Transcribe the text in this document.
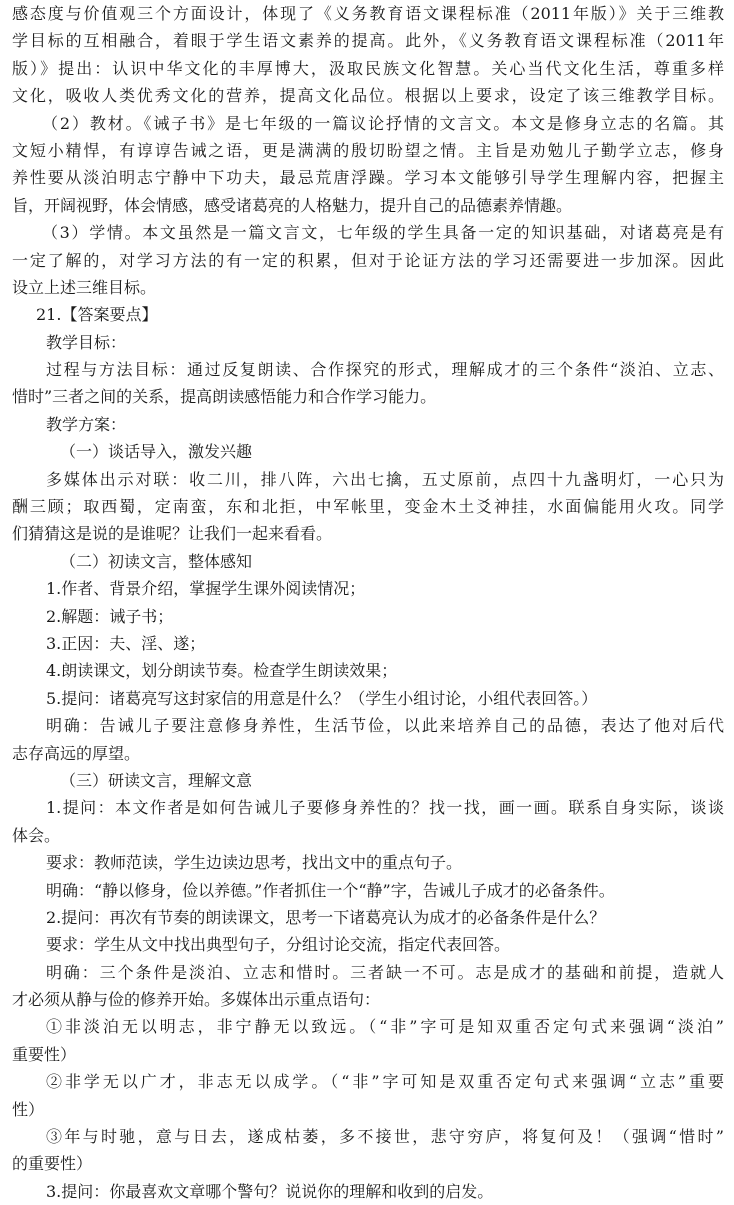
感态度与价值观三个方面设计，体现了《义务教育语文课程标准（2011年版）》关于三维教
学目标的互相融合，着眼于学生语文素养的提高。此外，《义务教育语文课程标准（2011年
版）》提出：认识中华文化的丰厚博大，汲取民族文化智慧。关心当代文化生活，尊重多样
文化，吸收人类优秀文化的营养，提高文化品位。根据以上要求，设定了该三维教学目标。
（2）教材。《诫子书》是七年级的一篇议论抒情的文言文。本文是修身立志的名篇。其
文短小精悍，有谆谆告诫之语，更是满满的殷切盼望之情。主旨是劝勉儿子勤学立志，修身
养性要从淡泊明志宁静中下功夫，最忌荒唐浮躁。学习本文能够引导学生理解内容，把握主
旨，开阔视野，体会情感，感受诸葛亮的人格魅力，提升自己的品德素养情趣。
（3）学情。本文虽然是一篇文言文，七年级的学生具备一定的知识基础，对诸葛亮是有
一定了解的，对学习方法的有一定的积累，但对于论证方法的学习还需要进一步加深。因此
设立上述三维目标。
21.【答案要点】
教学目标：
过程与方法目标：通过反复朗读、合作探究的形式，理解成才的三个条件“淡泊、立志、
惜时”三者之间的关系，提高朗读感悟能力和合作学习能力。
教学方案：
（一）谈话导入，激发兴趣
多媒体出示对联：收二川，排八阵，六出七擒，五丈原前，点四十九盏明灯，一心只为
酬三顾；取西蜀，定南蛮，东和北拒，中军帐里，变金木土爻神挂，水面偏能用火攻。同学
们猜猜这是说的是谁呢？让我们一起来看看。
（二）初读文言，整体感知
1.作者、背景介绍，掌握学生课外阅读情况；
2.解题：诫子书；
3.正因：夫、淫、遂；
4.朗读课文，划分朗读节奏。检查学生朗读效果；
5.提问：诸葛亮写这封家信的用意是什么？（学生小组讨论，小组代表回答。）
明确：告诫儿子要注意修身养性，生活节俭，以此来培养自己的品德，表达了他对后代
志存高远的厚望。
（三）研读文言，理解文意
1.提问：本文作者是如何告诫儿子要修身养性的？找一找，画一画。联系自身实际，谈谈
体会。
要求：教师范读，学生边读边思考，找出文中的重点句子。
明确：“静以修身，俭以养德。”作者抓住一个“静”字，告诫儿子成才的必备条件。
2.提问：再次有节奏的朗读课文，思考一下诸葛亮认为成才的必备条件是什么？
要求：学生从文中找出典型句子，分组讨论交流，指定代表回答。
明确：三个条件是淡泊、立志和惜时。三者缺一不可。志是成才的基础和前提，造就人
才必须从静与俭的修养开始。多媒体出示重点语句：
①非淡泊无以明志，非宁静无以致远。（“非”字可是知双重否定句式来强调“淡泊”
重要性）
②非学无以广才，非志无以成学。（“非”字可知是双重否定句式来强调“立志”重要
性）
③年与时驰，意与日去，遂成枯萎，多不接世，悲守穷庐，将复何及！（强调“惜时”
的重要性）
3.提问：你最喜欢文章哪个警句？说说你的理解和收到的启发。
